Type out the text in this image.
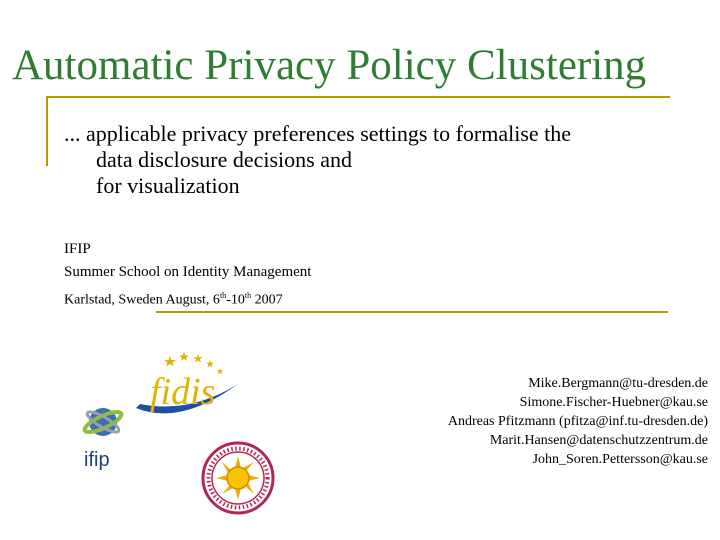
Automatic Privacy Policy Clustering
... applicable privacy preferences settings to formalise the
data disclosure decisions and
for visualization
IFIP
Summer School on Identity Management
Karlstad, Sweden August, 6th-10th 2007
fidis
ifip
Mike.Bergmann@tu-dresden.de
Simone.Fischer-Huebner@kau.se
Andreas Pfitzmann (pfitza@inf.tu-dresden.de)
Marit.Hansen@datenschutzzentrum.de
John_Soren.Pettersson@kau.se
